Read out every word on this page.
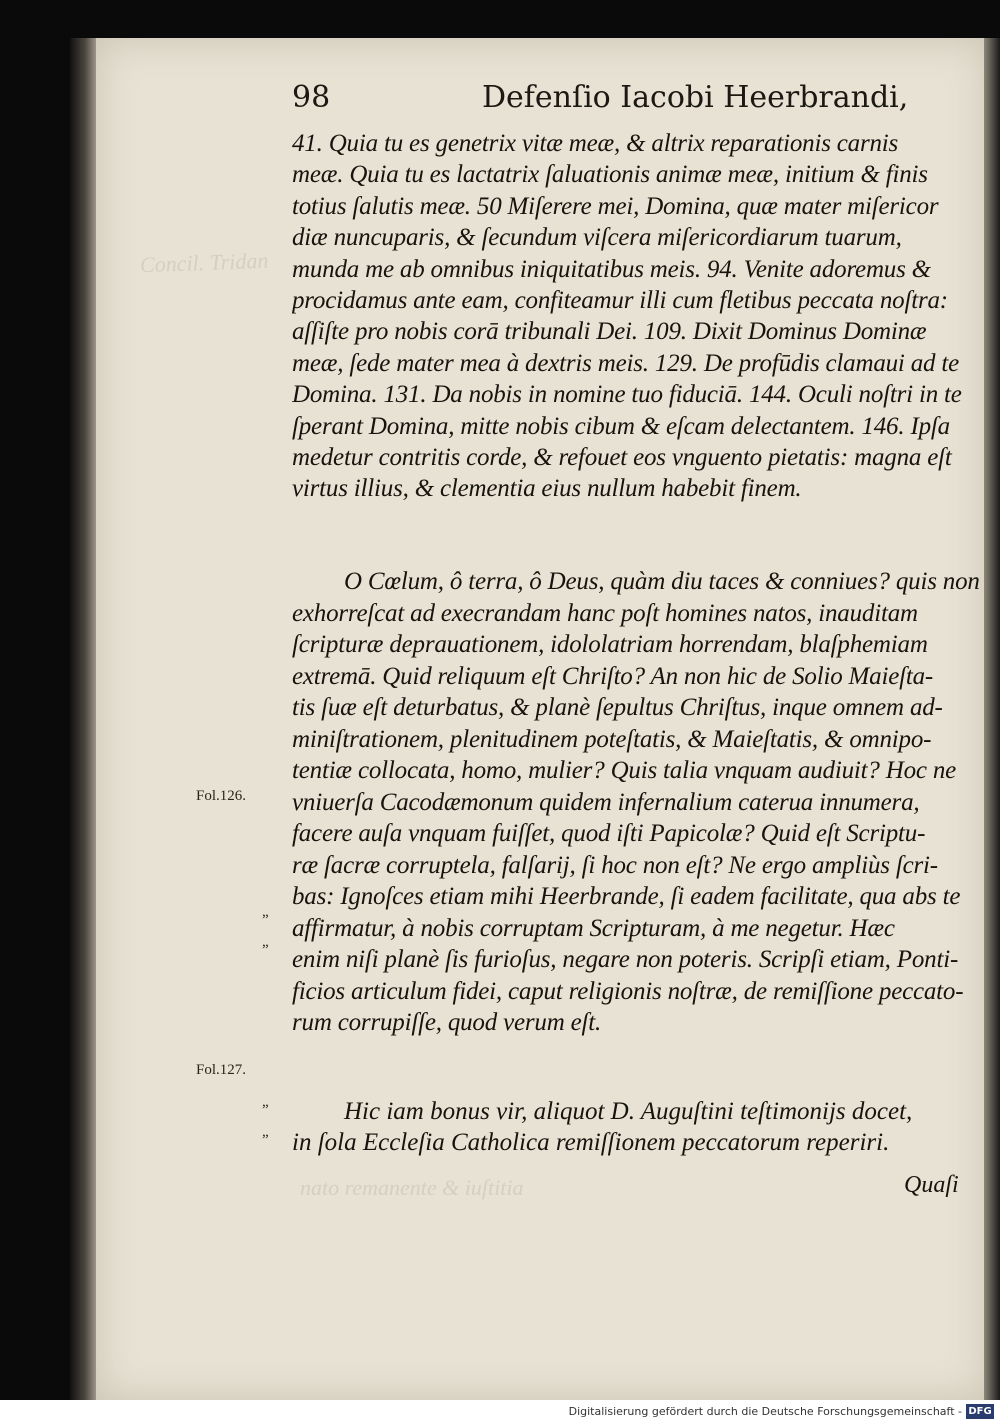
Concil. Tridan
nato remanente & iuſtitia
98	Defenſio Iacobi Heerbrandi,
41. Quia tu es genetrix vitæ meæ, & altrix reparationis carnis
meæ. Quia tu es lactatrix ſaluationis animæ meæ, initium & finis
totius ſalutis meæ. 50 Miſerere mei, Domina, quæ mater miſericor
diæ nuncuparis, & ſecundum viſcera miſericordiarum tuarum,
munda me ab omnibus iniquitatibus meis. 94. Venite adoremus &
procidamus ante eam, confiteamur illi cum fletibus peccata noſtra:
aſſiſte pro nobis corā tribunali Dei. 109. Dixit Dominus Dominæ
meæ, ſede mater mea à dextris meis. 129. De profūdis clamaui ad te
Domina. 131. Da nobis in nomine tuo fiduciā. 144. Oculi noſtri in te
ſperant Domina, mitte nobis cibum & eſcam delectantem. 146. Ipſa
medetur contritis corde, & refouet eos vnguento pietatis: magna eſt
virtus illius, & clementia eius nullum habebit finem.
O Cœlum, ô terra, ô Deus, quàm diu taces & conniues? quis non
exhorreſcat ad execrandam hanc poſt homines natos, inauditam
ſcripturæ deprauationem, idololatriam horrendam, blaſphemiam
extremā. Quid reliquum eſt Chriſto? An non hic de Solio Maieſta-
tis ſuæ eſt deturbatus, & planè ſepultus Chriſtus, inque omnem ad-
miniſtrationem, plenitudinem poteſtatis, & Maieſtatis, & omnipo-
tentiæ collocata, homo, mulier? Quis talia vnquam audiuit? Hoc ne
vniuerſa Cacodæmonum quidem infernalium caterua innumera,
facere auſa vnquam fuiſſet, quod iſti Papicolæ? Quid eſt Scriptu-
ræ ſacræ corruptela, falſarij, ſi hoc non eſt? Ne ergo ampliùs ſcri-
bas: Ignoſces etiam mihi Heerbrande, ſi eadem facilitate, qua abs te
affirmatur, à nobis corruptam Scripturam, à me negetur. Hæc
enim niſi planè ſis furioſus, negare non poteris. Scripſi etiam, Ponti-
ficios articulum fidei, caput religionis noſtræ, de remiſſione peccato-
rum corrupiſſe, quod verum eſt.
Hic iam bonus vir, aliquot D. Auguſtini teſtimonijs docet,
in ſola Eccleſia Catholica remiſſionem peccatorum reperiri.
Fol.126.
Fol.127.
„
„
„
„
Quaſi
Digitalisierung gefördert durch die Deutsche Forschungsgemeinschaft - DFG
